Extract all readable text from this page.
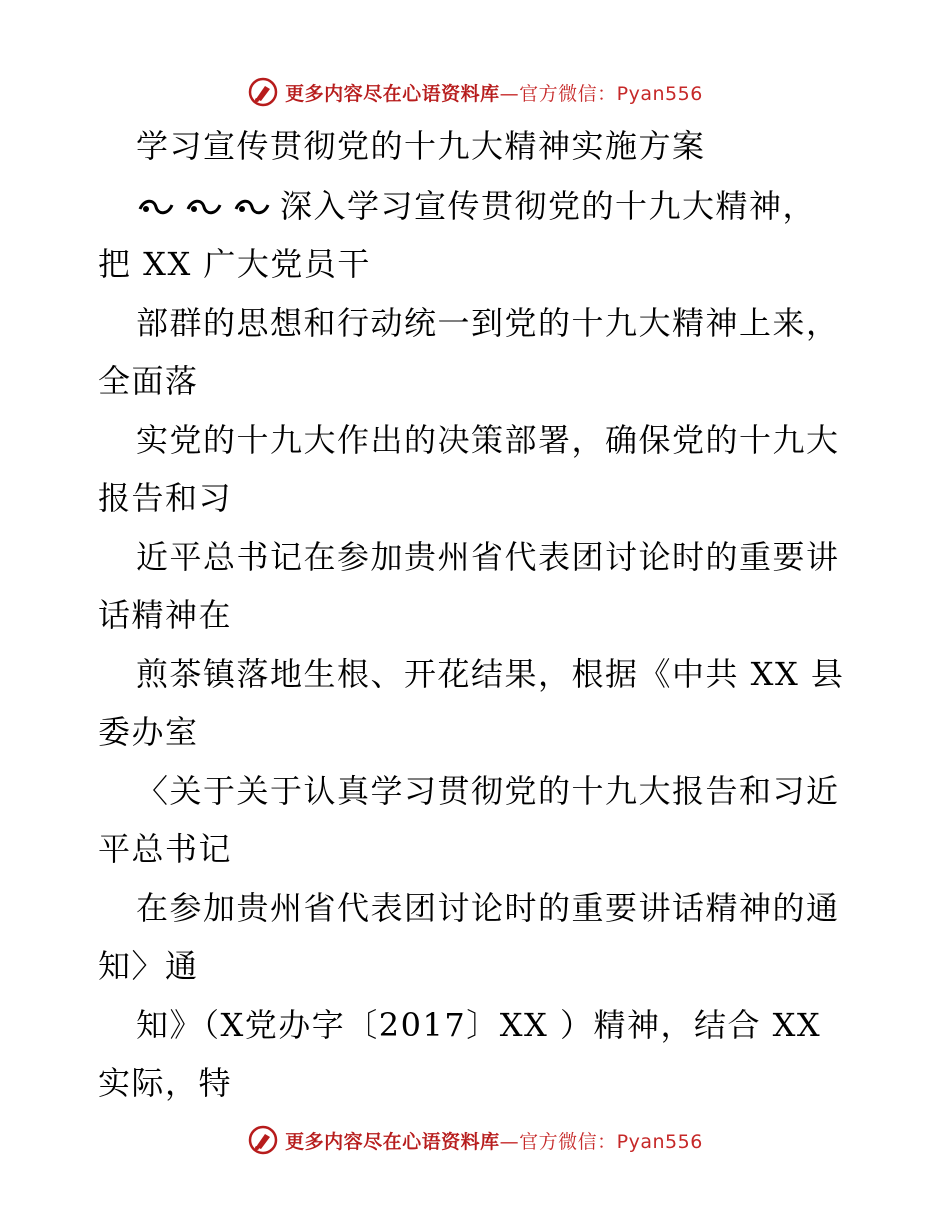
更多内容尽在心语资料库—官方微信：Pyan556
学习宣传贯彻党的十九大精神实施方案
深入学习宣传贯彻党的十九大精神，
把 XX 广大党员干
部群的思想和行动统一到党的十九大精神上来，
全面落
实党的十九大作出的决策部署，确保党的十九大
报告和习
近平总书记在参加贵州省代表团讨论时的重要讲
话精神在
煎茶镇落地生根、开花结果，根据《中共 XX 县
委办室
〈关于关于认真学习贯彻党的十九大报告和习近
平总书记
在参加贵州省代表团讨论时的重要讲话精神的通
知〉通
知》（X党办字〔2017〕XX ）精神，结合 XX
实际，特
更多内容尽在心语资料库—官方微信：Pyan556
